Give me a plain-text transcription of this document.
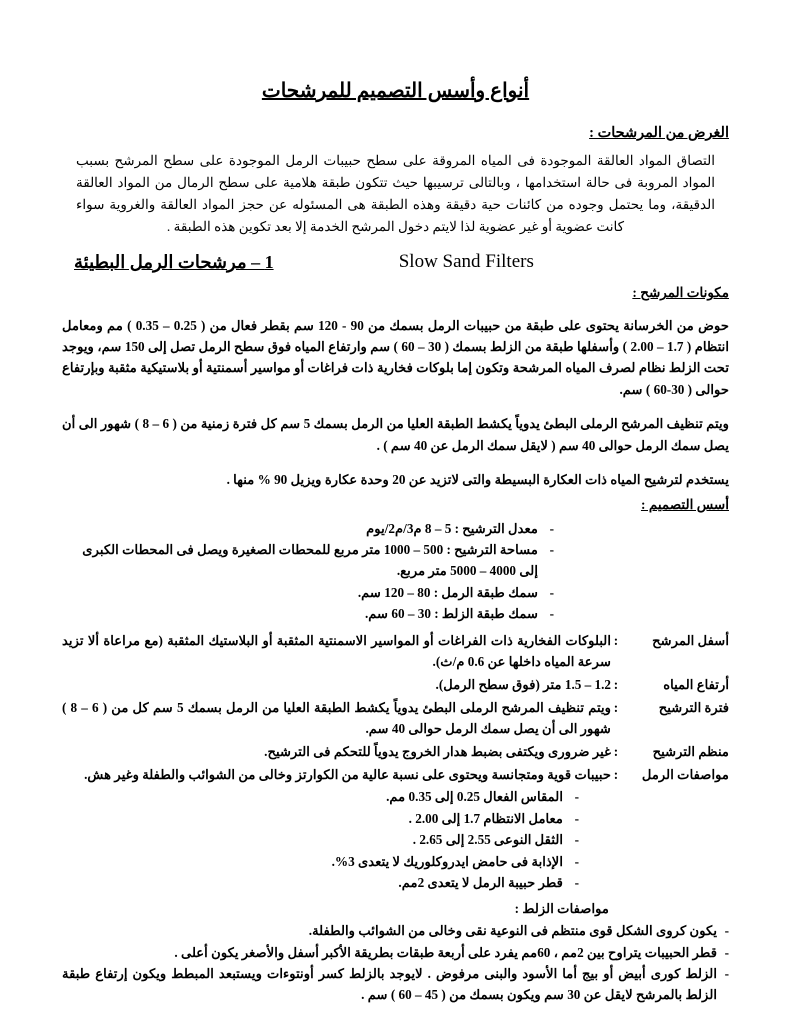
أنواع وأسس التصميم للمرشحات
الغرض من المرشحات :

التصاق المواد العالقة الموجودة فى المياه المروقة على سطح حبيبات الرمل الموجودة على سطح المرشح بسبب المواد المروبة فى حالة استخدامها ، وبالتالى ترسيبها حيث تتكون طبقة هلامية على سطح الرمال من المواد العالقة الدقيقة، وما يحتمل وجوده من كائنات حية دقيقة وهذه الطبقة هى المسئوله عن حجز المواد العالقة والغروية سواء كانت عضوية أو غير عضوية لذا لايتم دخول المرشح الخدمة إلا بعد تكوين هذه الطبقة .

Slow Sand Filters
1 – مرشحات الرمل البطيئة
مكونات المرشح :

حوض من الخرسانة يحتوى على طبقة من حبيبات الرمل بسمك من 90 - 120 سم بقطر فعال من ( 0.25 – 0.35 ) مم ومعامل انتظام ( 1.7 – 2.00 ) وأسفلها طبقة من الزلط بسمك ( 30 – 60 ) سم وارتفاع المياه فوق سطح الرمل تصل إلى 150 سم، ويوجد تحت الزلط نظام لصرف المياه المرشحة وتكون إما بلوكات فخارية ذات فراغات أو مواسير أسمنتية أو بلاستيكية مثقبة وبإرتفاع حوالى ( 30-60 ) سم.

ويتم تنظيف المرشح الرملى البطئ يدوياً يكشط الطبقة العليا من الرمل بسمك 5 سم كل فترة زمنية من ( 6 – 8 ) شهور الى أن يصل سمك الرمل حوالى 40 سم ( لايقل سمك الرمل عن 40 سم ) .

يستخدم لترشيح المياه ذات العكارة البسيطة والتى لاتزيد عن 20 وحدة عكارة ويزيل 90 % منها .

أسس التصميم :
- معدل الترشيح : 5 – 8 م3/م2/يوم
- مساحة الترشيح : 500 – 1000 متر مربع للمحطات الصغيرة ويصل فى المحطات الكبرى إلى 4000 – 5000 متر مربع.
- سمك طبقة الرمل : 80 – 120 سم.
- سمك طبقة الزلط : 30 – 60 سم.
أسفل المرشح	:	البلوكات الفخارية ذات الفراغات أو المواسير الاسمنتية المثقبة أو البلاستيك المثقبة (مع مراعاة ألا تزيد سرعة المياه داخلها عن 0.6 م/ث).
أرتفاع المياه	:	1.2 – 1.5 متر (فوق سطح الرمل).
فترة الترشيح	:	ويتم تنظيف المرشح الرملى البطئ يدوياً يكشط الطبقة العليا من الرمل بسمك 5 سم كل من ( 6 – 8 ) شهور الى أن يصل سمك الرمل حوالى 40 سم.
منظم الترشيح	:	غير ضرورى ويكتفى بضبط هدار الخروج يدوياً للتحكم فى الترشيح.
مواصفات الرمل	:	حبيبات قوية ومتجانسة ويحتوى على نسبة عالية من الكوارتز وخالى من الشوائب والطفلة وغير هش.
- المقاس الفعال 0.25 إلى 0.35 مم.
- معامل الانتظام 1.7 إلى 2.00 .
- الثقل النوعى 2.55 إلى 2.65 .
- الإذابة فى حامض ايدروكلوريك لا يتعدى 3%.
- قطر حبيبة الرمل لا يتعدى 2مم.
مواصفات الزلط :
- يكون كروى الشكل قوى منتظم فى النوعية نقى وخالى من الشوائب والطفلة.
- قطر الحبيبات يتراوح بين 2مم ، 60مم يفرد على أربعة طبقات بطريقة الأكبر أسفل والأصغر يكون أعلى .
- الزلط كورى أبيض أو بيج أما الأسود والبنى مرفوض . لايوجد بالزلط كسر أونتوءات ويستبعد المبطط ويكون إرتفاع طبقة الزلط بالمرشح لايقل عن 30 سم ويكون بسمك من ( 45 – 60 ) سم .
